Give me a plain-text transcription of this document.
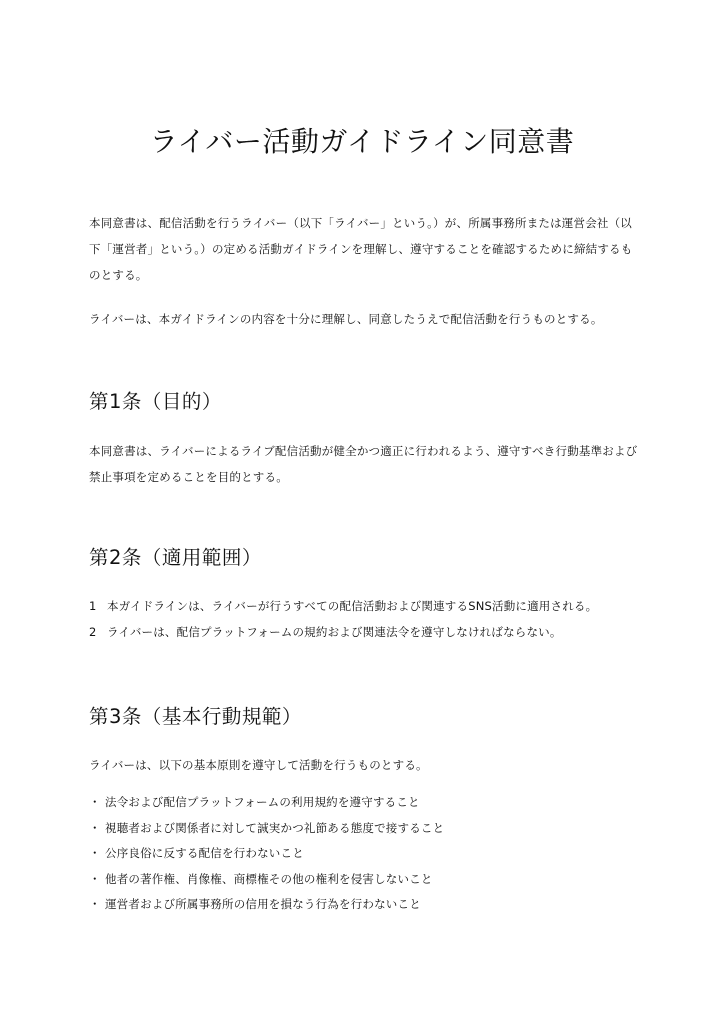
ライバー活動ガイドライン同意書

本同意書は、配信活動を行うライバー（以下「ライバー」という。）が、所属事務所または運営会社（以下「運営者」という。）の定める活動ガイドラインを理解し、遵守することを確認するために締結するものとする。

ライバーは、本ガイドラインの内容を十分に理解し、同意したうえで配信活動を行うものとする。

第1条（目的）

本同意書は、ライバーによるライブ配信活動が健全かつ適正に行われるよう、遵守すべき行動基準および禁止事項を定めることを目的とする。

第2条（適用範囲）
1 本ガイドラインは、ライバーが行うすべての配信活動および関連するSNS活動に適用される。
2 ライバーは、配信プラットフォームの規約および関連法令を遵守しなければならない。
第3条（基本行動規範）

ライバーは、以下の基本原則を遵守して活動を行うものとする。

・ 法令および配信プラットフォームの利用規約を遵守すること
・ 視聴者および関係者に対して誠実かつ礼節ある態度で接すること
・ 公序良俗に反する配信を行わないこと
・ 他者の著作権、肖像権、商標権その他の権利を侵害しないこと
・ 運営者および所属事務所の信用を損なう行為を行わないこと
